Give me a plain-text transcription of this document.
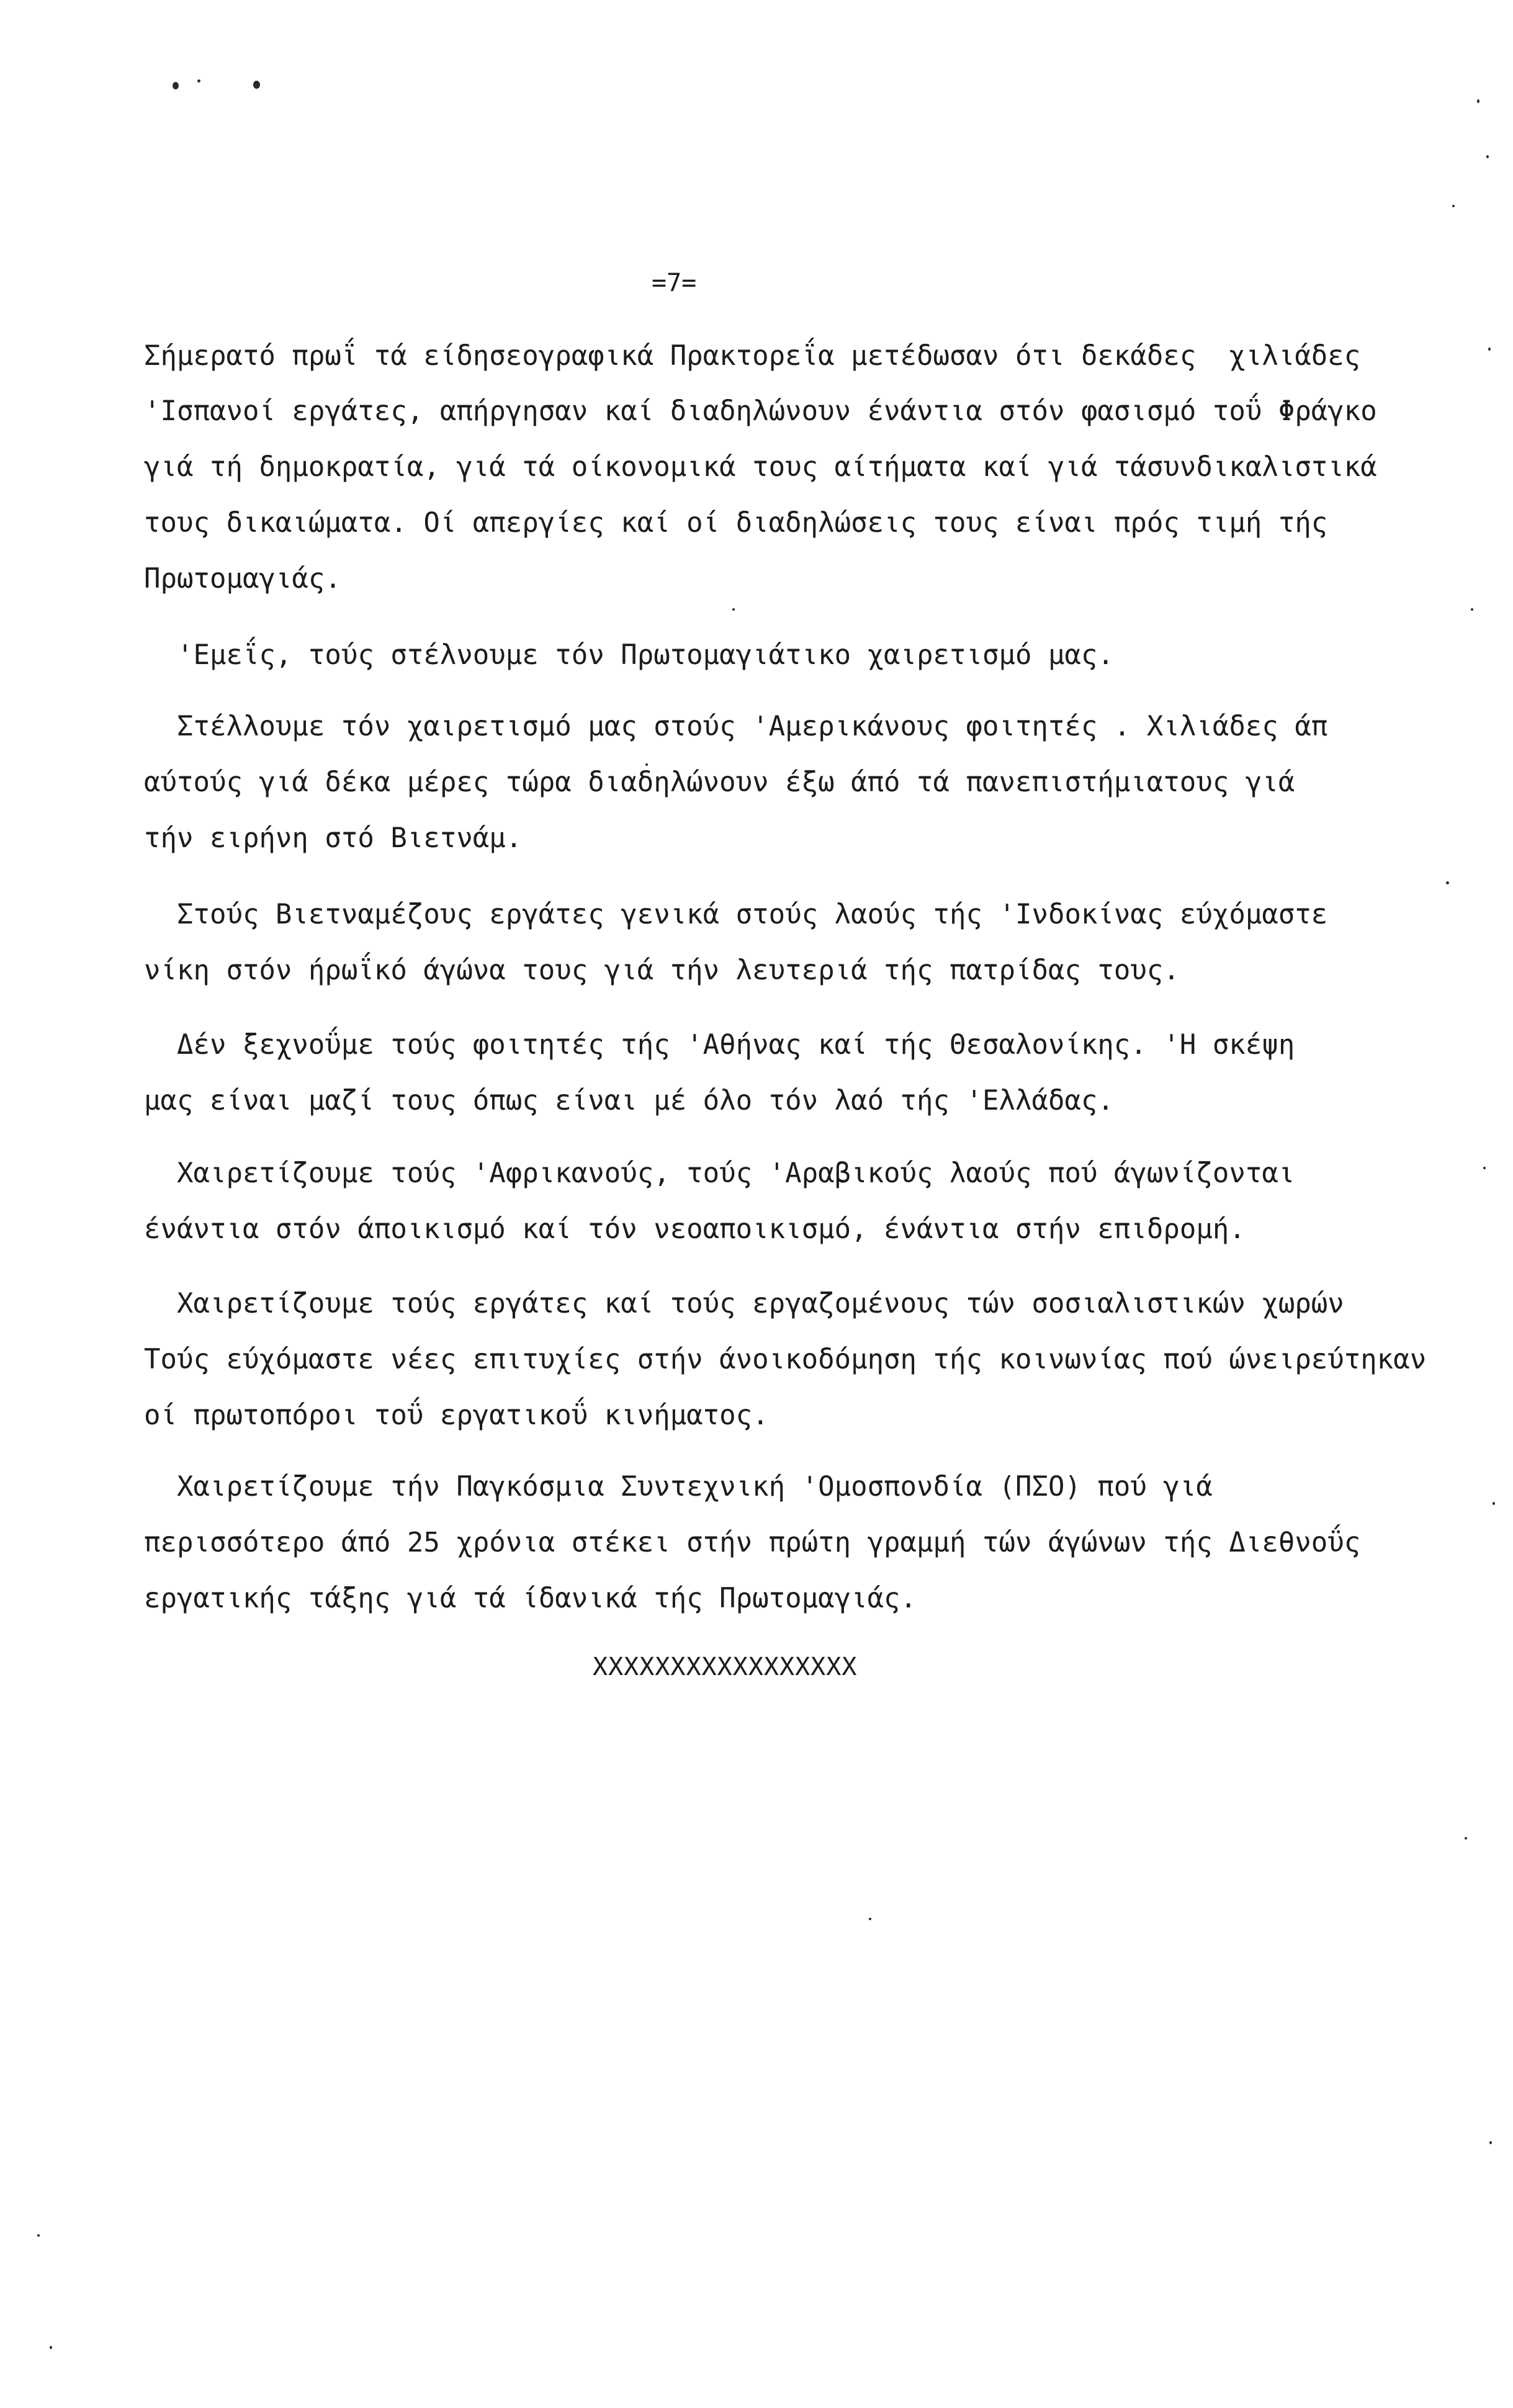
=7=
Σήμερατό πρωΐ τά είδησεογραφικά Πρακτορεΐα μετέδωσαν ότι δεκάδες  χιλιάδες
'Ισπανοί εργάτες, απήργησαν καί διαδηλώνουν ένάντια στόν φασισμό τοΰ Φράγκο
γιά τή δημοκρατία, γιά τά οίκονομικά τους αίτήματα καί γιά τάσυνδικαλιστικά
τους δικαιώματα. Οί απεργίες καί οί διαδηλώσεις τους είναι πρός τιμή τής
Πρωτομαγιάς.
'Εμεΐς, τούς στέλνουμε τόν Πρωτομαγιάτικο χαιρετισμό μας.
Στέλλουμε τόν χαιρετισμό μας στούς 'Αμερικάνους φοιτητές . Χιλιάδες άπ
αύτούς γιά δέκα μέρες τώρα διαδηλώνουν έξω άπό τά πανεπιστήμιατους γιά
τήν ειρήνη στό Βιετνάμ.
Στούς Βιετναμέζους εργάτες γενικά στούς λαούς τής 'Ινδοκίνας εύχόμαστε
νίκη στόν ήρωΐκό άγώνα τους γιά τήν λευτεριά τής πατρίδας τους.
Δέν ξεχνοΰμε τούς φοιτητές τής 'Αθήνας καί τής Θεσαλονίκης. 'Η σκέψη
μας είναι μαζί τους όπως είναι μέ όλο τόν λαό τής 'Ελλάδας.
Χαιρετίζουμε τούς 'Αφρικανούς, τούς 'Αραβικούς λαούς πού άγωνίζονται
ένάντια στόν άποικισμό καί τόν νεοαποικισμό, ένάντια στήν επιδρομή.
Χαιρετίζουμε τούς εργάτες καί τούς εργαζομένους τών σοσιαλιστικών χωρών
Τούς εύχόμαστε νέες επιτυχίες στήν άνοικοδόμηση τής κοινωνίας πού ώνειρεύτηκαν
οί πρωτοπόροι τοΰ εργατικοΰ κινήματος.
Χαιρετίζουμε τήν Παγκόσμια Συντεχνική 'Ομοσπονδία (ΠΣΟ) πού γιά
περισσότερο άπό 25 χρόνια στέκει στήν πρώτη γραμμή τών άγώνων τής Διεθνοΰς
εργατικής τάξης γιά τά ίδανικά τής Πρωτομαγιάς.
XXXXXXXXXXXXXXXXX
